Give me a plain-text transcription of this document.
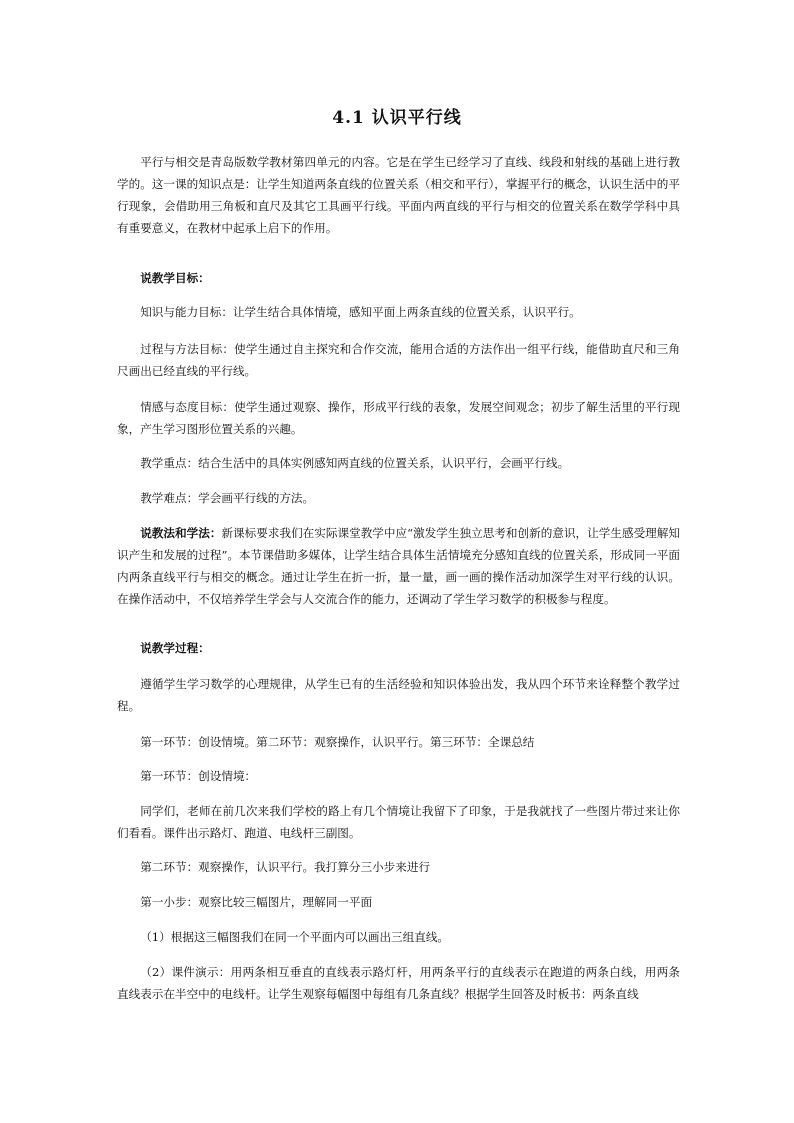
4.1 认识平行线

平行与相交是青岛版数学教材第四单元的内容。它是在学生已经学习了直线、线段和射线的基础上进行教学的。这一课的知识点是：让学生知道两条直线的位置关系（相交和平行），掌握平行的概念，认识生活中的平行现象，会借助用三角板和直尺及其它工具画平行线。平面内两直线的平行与相交的位置关系在数学学科中具有重要意义，在教材中起承上启下的作用。

说教学目标：

知识与能力目标：让学生结合具体情境，感知平面上两条直线的位置关系，认识平行。

过程与方法目标：使学生通过自主探究和合作交流，能用合适的方法作出一组平行线，能借助直尺和三角尺画出已经直线的平行线。

情感与态度目标：使学生通过观察、操作，形成平行线的表象，发展空间观念；初步了解生活里的平行现象，产生学习图形位置关系的兴趣。

教学重点：结合生活中的具体实例感知两直线的位置关系，认识平行，会画平行线。

教学难点：学会画平行线的方法。

说教法和学法：新课标要求我们在实际课堂教学中应“激发学生独立思考和创新的意识，让学生感受理解知识产生和发展的过程”。本节课借助多媒体，让学生结合具体生活情境充分感知直线的位置关系，形成同一平面内两条直线平行与相交的概念。通过让学生在折一折，量一量，画一画的操作活动加深学生对平行线的认识。在操作活动中，不仅培养学生学会与人交流合作的能力，还调动了学生学习数学的积极参与程度。

说教学过程：

遵循学生学习数学的心理规律，从学生已有的生活经验和知识体验出发，我从四个环节来诠释整个教学过程。

第一环节：创设情境。第二环节：观察操作，认识平行。第三环节：全课总结

第一环节：创设情境：

同学们，老师在前几次来我们学校的路上有几个情境让我留下了印象，于是我就找了一些图片带过来让你们看看。课件出示路灯、跑道、电线杆三副图。

第二环节：观察操作，认识平行。我打算分三小步来进行

第一小步：观察比较三幅图片，理解同一平面

（1）根据这三幅图我们在同一个平面内可以画出三组直线。

（2）课件演示：用两条相互垂直的直线表示路灯杆，用两条平行的直线表示在跑道的两条白线，用两条直线表示在半空中的电线杆。让学生观察每幅图中每组有几条直线？根据学生回答及时板书：两条直线
